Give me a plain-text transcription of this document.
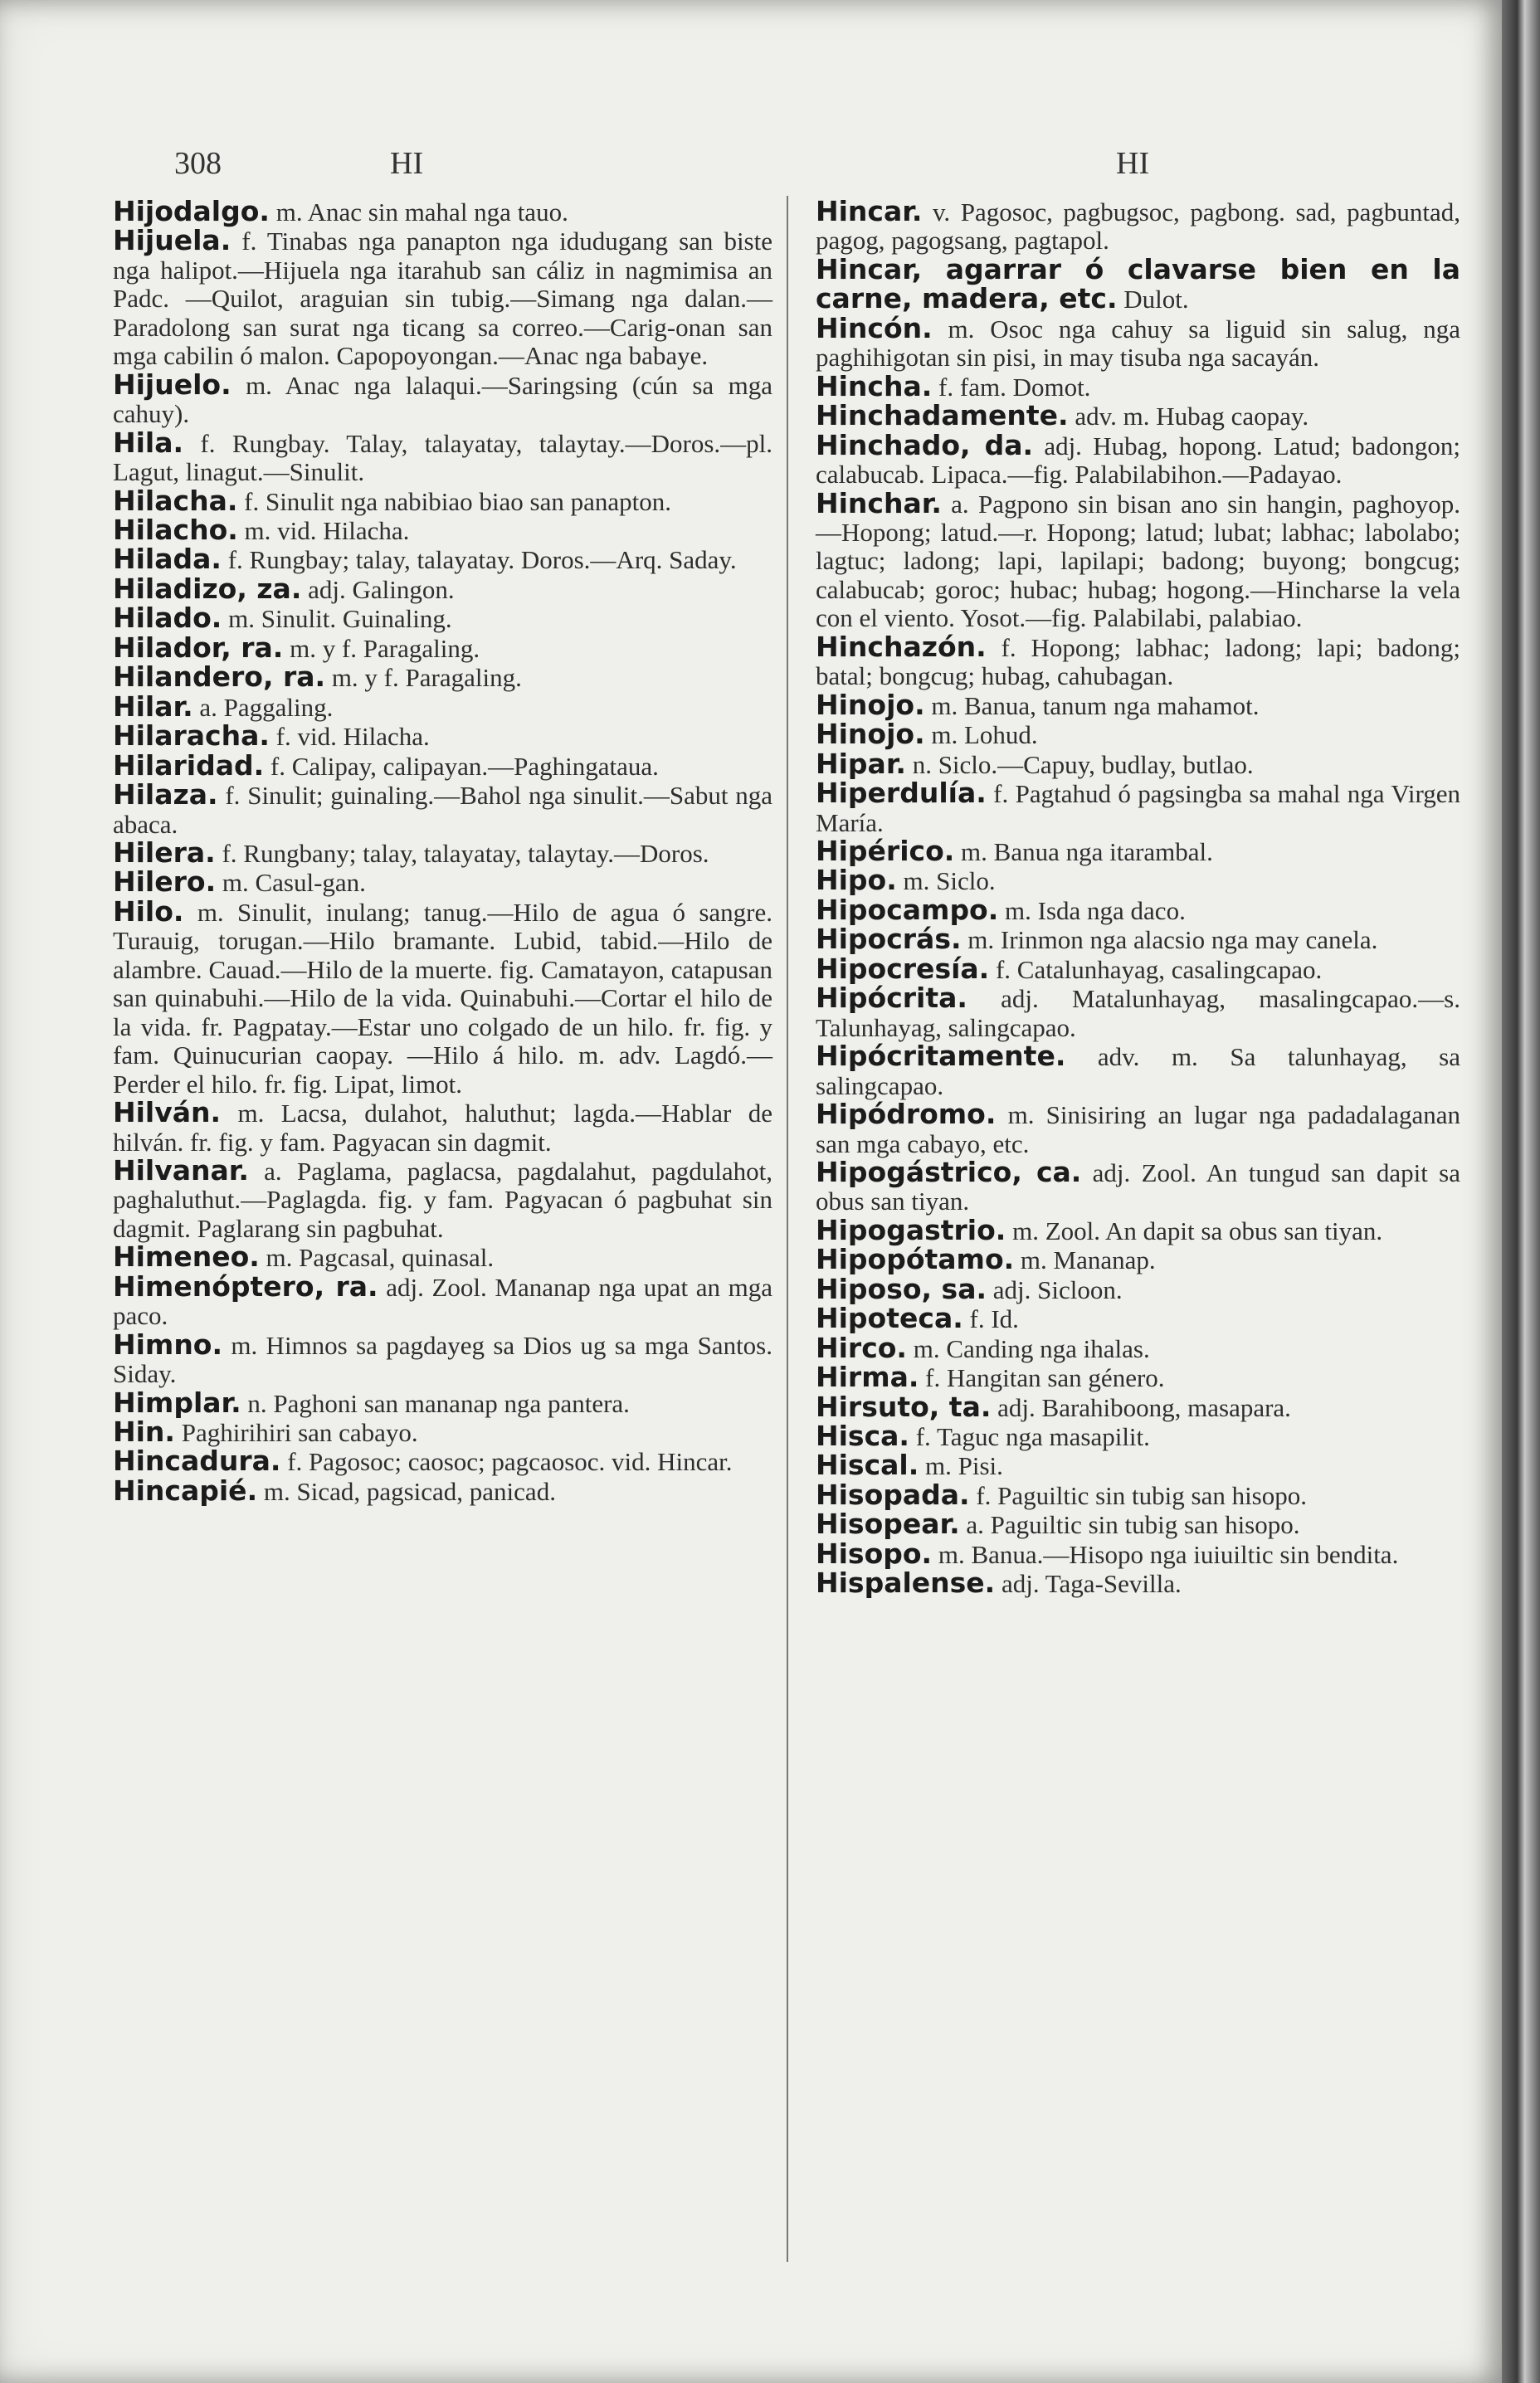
308	HI	HI
Hijodalgo. m. Anac sin mahal nga tauo.
Hijuela. f. Tinabas nga panapton nga idudugang san biste nga halipot.—Hijuela nga itarahub san cáliz in nagmimisa an Padc. —Quilot, araguian sin tubig.—Simang nga dalan.—Paradolong san surat nga ticang sa correo.—Carig-onan san mga cabilin ó malon. Capopoyongan.—Anac nga babaye.
Hijuelo. m. Anac nga lalaqui.—Saringsing (cún sa mga cahuy).
Hila. f. Rungbay. Talay, talayatay, talaytay.—Doros.—pl. Lagut, linagut.—Sinulit.
Hilacha. f. Sinulit nga nabibiao biao san panapton.
Hilacho. m. vid. Hilacha.
Hilada. f. Rungbay; talay, talayatay. Doros.—Arq. Saday.
Hiladizo, za. adj. Galingon.
Hilado. m. Sinulit. Guinaling.
Hilador, ra. m. y f. Paragaling.
Hilandero, ra. m. y f. Paragaling.
Hilar. a. Paggaling.
Hilaracha. f. vid. Hilacha.
Hilaridad. f. Calipay, calipayan.—Paghingataua.
Hilaza. f. Sinulit; guinaling.—Bahol nga sinulit.—Sabut nga abaca.
Hilera. f. Rungbany; talay, talayatay, talaytay.—Doros.
Hilero. m. Casul-gan.
Hilo. m. Sinulit, inulang; tanug.—Hilo de agua ó sangre. Turauig, torugan.—Hilo bramante. Lubid, tabid.—Hilo de alambre. Cauad.—Hilo de la muerte. fig. Camatayon, catapusan san quinabuhi.—Hilo de la vida. Quinabuhi.—Cortar el hilo de la vida. fr. Pagpatay.—Estar uno colgado de un hilo. fr. fig. y fam. Quinucurian caopay. —Hilo á hilo. m. adv. Lagdó.—Perder el hilo. fr. fig. Lipat, limot.
Hilván. m. Lacsa, dulahot, haluthut; lagda.—Hablar de hilván. fr. fig. y fam. Pagyacan sin dagmit.
Hilvanar. a. Paglama, paglacsa, pagdalahut, pagdulahot, paghaluthut.—Paglagda. fig. y fam. Pagyacan ó pagbuhat sin dagmit. Paglarang sin pagbuhat.
Himeneo. m. Pagcasal, quinasal.
Himenóptero, ra. adj. Zool. Mananap nga upat an mga paco.
Himno. m. Himnos sa pagdayeg sa Dios ug sa mga Santos. Siday.
Himplar. n. Paghoni san mananap nga pantera.
Hin. Paghirihiri san cabayo.
Hincadura. f. Pagosoc; caosoc; pagcaosoc. vid. Hincar.
Hincapié. m. Sicad, pagsicad, panicad.
Hincar. v. Pagosoc, pagbugsoc, pagbong. sad, pagbuntad, pagog, pagogsang, pagtapol.
Hincar, agarrar ó clavarse bien en la carne, madera, etc. Dulot.
Hincón. m. Osoc nga cahuy sa liguid sin salug, nga paghihigotan sin pisi, in may tisuba nga sacayán.
Hincha. f. fam. Domot.
Hinchadamente. adv. m. Hubag caopay.
Hinchado, da. adj. Hubag, hopong. Latud; badongon; calabucab. Lipaca.—fig. Palabilabihon.—Padayao.
Hinchar. a. Pagpono sin bisan ano sin hangin, paghoyop.—Hopong; latud.—r. Hopong; latud; lubat; labhac; labolabo; lagtuc; ladong; lapi, lapilapi; badong; buyong; bongcug; calabucab; goroc; hubac; hubag; hogong.—Hincharse la vela con el viento. Yosot.—fig. Palabilabi, palabiao.
Hinchazón. f. Hopong; labhac; ladong; lapi; badong; batal; bongcug; hubag, cahubagan.
Hinojo. m. Banua, tanum nga mahamot.
Hinojo. m. Lohud.
Hipar. n. Siclo.—Capuy, budlay, butlao.
Hiperdulía. f. Pagtahud ó pagsingba sa mahal nga Virgen María.
Hipérico. m. Banua nga itarambal.
Hipo. m. Siclo.
Hipocampo. m. Isda nga daco.
Hipocrás. m. Irinmon nga alacsio nga may canela.
Hipocresía. f. Catalunhayag, casalingcapao.
Hipócrita. adj. Matalunhayag, masalingcapao.—s. Talunhayag, salingcapao.
Hipócritamente. adv. m. Sa talunhayag, sa salingcapao.
Hipódromo. m. Sinisiring an lugar nga padadalaganan san mga cabayo, etc.
Hipogástrico, ca. adj. Zool. An tungud san dapit sa obus san tiyan.
Hipogastrio. m. Zool. An dapit sa obus san tiyan.
Hipopótamo. m. Mananap.
Hiposo, sa. adj. Sicloon.
Hipoteca. f. Id.
Hirco. m. Canding nga ihalas.
Hirma. f. Hangitan san género.
Hirsuto, ta. adj. Barahiboong, masapara.
Hisca. f. Taguc nga masapilit.
Hiscal. m. Pisi.
Hisopada. f. Paguiltic sin tubig san hisopo.
Hisopear. a. Paguiltic sin tubig san hisopo.
Hisopo. m. Banua.—Hisopo nga iuiuiltic sin bendita.
Hispalense. adj. Taga-Sevilla.
